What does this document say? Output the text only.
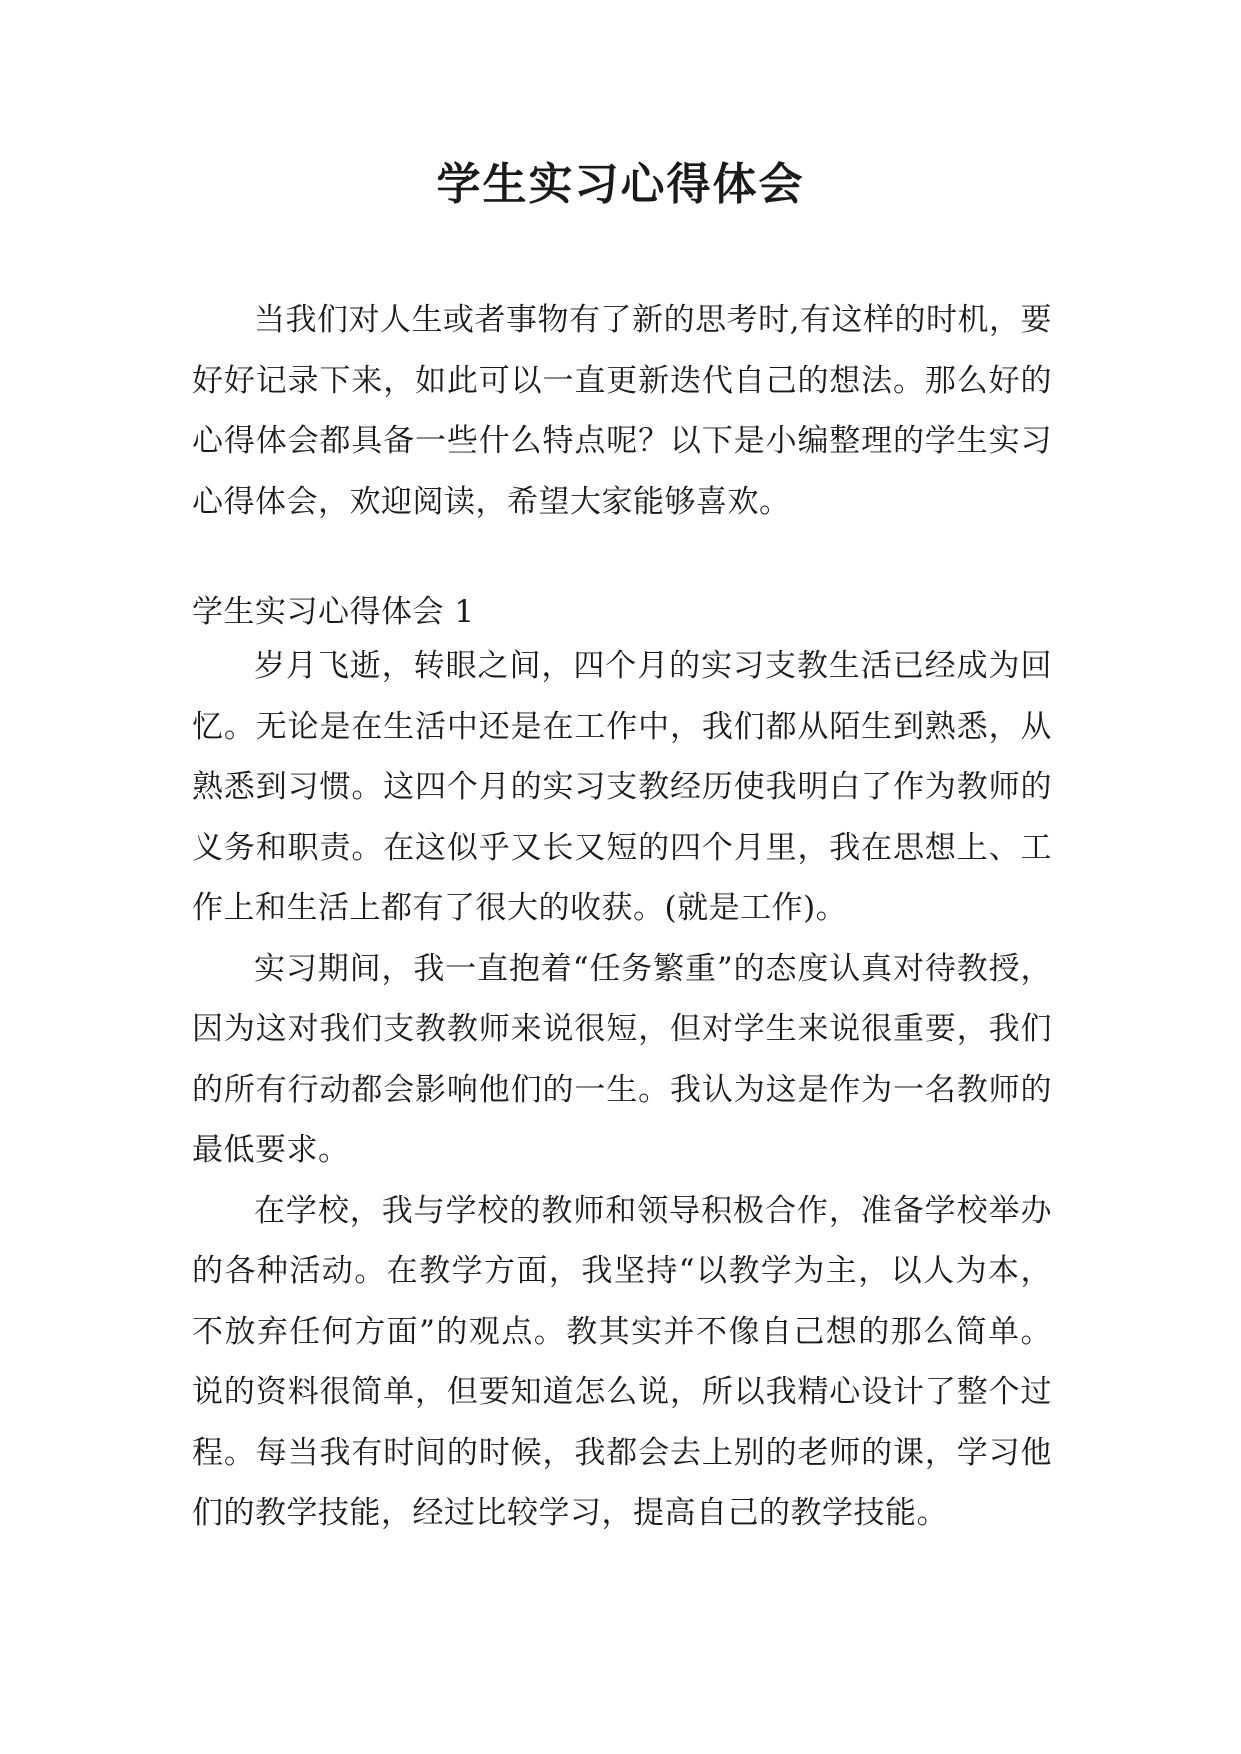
学生实习心得体会

当我们对人生或者事物有了新的思考时,有这样的时机，要好好记录下来，如此可以一直更新迭代自己的想法。那么好的心得体会都具备一些什么特点呢？以下是小编整理的学生实习心得体会，欢迎阅读，希望大家能够喜欢。

学生实习心得体会 1

岁月飞逝，转眼之间，四个月的实习支教生活已经成为回忆。无论是在生活中还是在工作中，我们都从陌生到熟悉，从熟悉到习惯。这四个月的实习支教经历使我明白了作为教师的义务和职责。在这似乎又长又短的四个月里，我在思想上、工作上和生活上都有了很大的收获。(就是工作)。

实习期间，我一直抱着“任务繁重”的态度认真对待教授，因为这对我们支教教师来说很短，但对学生来说很重要，我们的所有行动都会影响他们的一生。我认为这是作为一名教师的最低要求。

在学校，我与学校的教师和领导积极合作，准备学校举办的各种活动。在教学方面，我坚持“以教学为主，以人为本，不放弃任何方面”的观点。教其实并不像自己想的那么简单。说的资料很简单，但要知道怎么说，所以我精心设计了整个过程。每当我有时间的时候，我都会去上别的老师的课，学习他们的教学技能，经过比较学习，提高自己的教学技能。
